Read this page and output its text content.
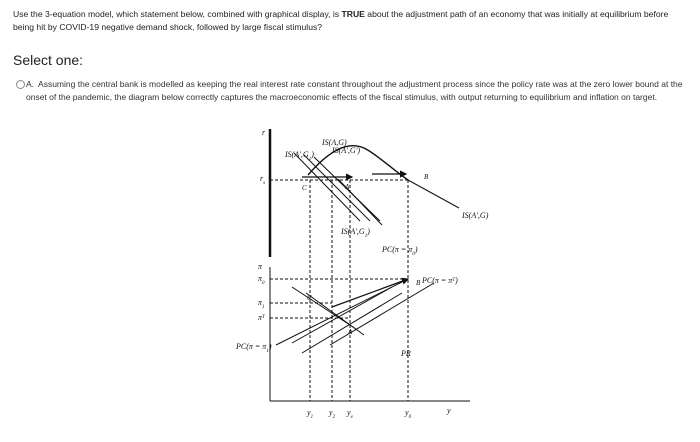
Use the 3-equation model, which statement below, combined with graphical display, is TRUE about the adjustment path of an economy that was initially at equilibrium before being hit by COVID-19 negative demand shock, followed by large fiscal stimulus?
Select one:
A. Assuming the central bank is modelled as keeping the real interest rate constant throughout the adjustment process since the policy rate was at the zero lower bound at the onset of the pandemic, the diagram below correctly captures the macroeconomic effects of the fiscal stimulus, with output returning to equilibrium and inflation on target.
r
$r_s$
IS(A,G)
IS(A',G')
$IS(A',G_1)$
IS(A',G)
$IS(A',G_1)$
C	A
B
π
$\pi_0$
$\pi_1$
$\pi^T$
$PC(\pi = \pi_0)$
$PC(\pi = \pi^T)$
$PC(\pi = \pi_1)$
B
C
A
PR
$y_1$ $y_2$ $y_e$	$y_0$
y
